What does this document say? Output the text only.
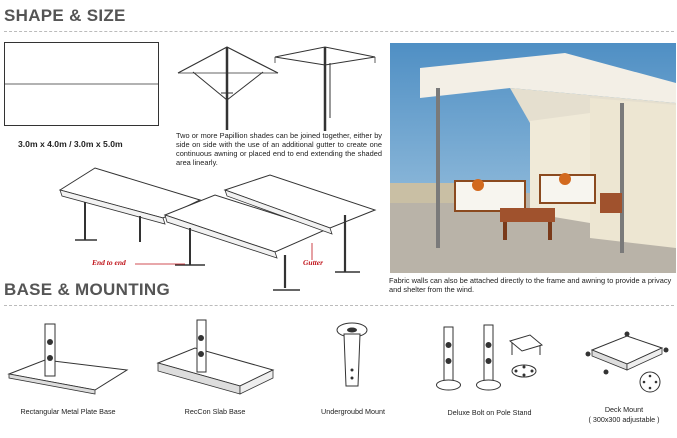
SHAPE & SIZE
3.0m x 4.0m / 3.0m x 5.0m
Two or more Papillion shades can be joined together, either by side on side with the use of an additional gutter to create one continuous awning or placed end to end extending the shaded area linearly.
End to end	Gutter
Fabric walls can also be attached directly to the frame and awning to provide a privacy and shelter from the wind.
BASE & MOUNTING
Rectangular Metal Plate Base	RecCon Slab Base	Undergroubd Mount	Deluxe Bolt on Pole Stand	Deck Mount
( 300x300 adjustable )
